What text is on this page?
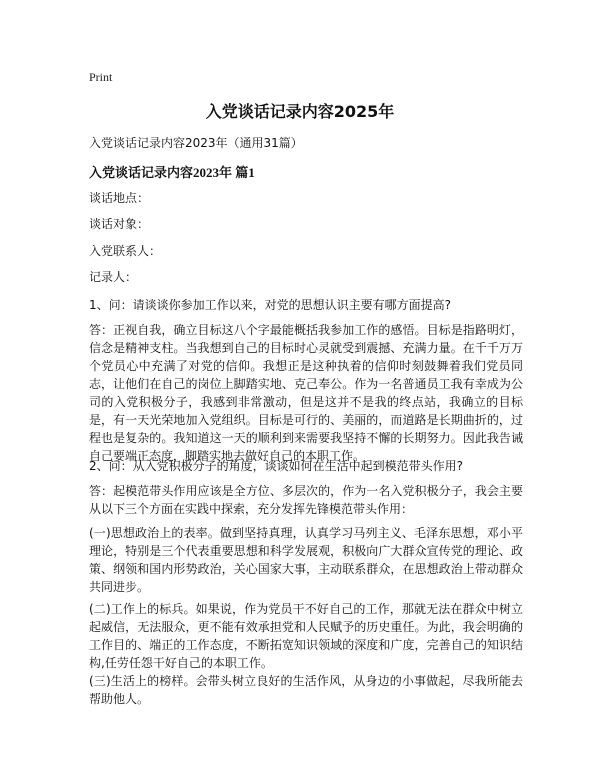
Print
入党谈话记录内容2025年
入党谈话记录内容2023年（通用31篇）
入党谈话记录内容2023年 篇1
谈话地点：
谈话对象：
入党联系人：
记录人：
1、问：请谈谈你参加工作以来，对党的思想认识主要有哪方面提高?

答：正视自我，确立目标这八个字最能概括我参加工作的感悟。目标是指路明灯，信念是精神支柱。当我想到自己的目标时心灵就受到震撼、充满力量。在千千万万个党员心中充满了对党的信仰。我想正是这种执着的信仰时刻鼓舞着我们党员同志，让他们在自己的岗位上脚踏实地、克己奉公。作为一名普通员工我有幸成为公司的入党积极分子，我感到非常激动，但是这并不是我的终点站，我确立的目标是，有一天光荣地加入党组织。目标是可行的、美丽的，而道路是长期曲折的，过程也是复杂的。我知道这一天的顺利到来需要我坚持不懈的长期努力。因此我告诫自己要端正态度，脚踏实地去做好自己的本职工作。

2、问：从入党积极分子的角度，谈谈如何在生活中起到模范带头作用?

答：起模范带头作用应该是全方位、多层次的，作为一名入党积极分子，我会主要从以下三个方面在实践中探索，充分发挥先锋模范带头作用：

(一)思想政治上的表率。做到坚持真理，认真学习马列主义、毛泽东思想，邓小平理论，特别是三个代表重要思想和科学发展观，积极向广大群众宣传党的理论、政策、纲领和国内形势政治，关心国家大事，主动联系群众，在思想政治上带动群众共同进步。

(二)工作上的标兵。如果说，作为党员干不好自己的工作，那就无法在群众中树立起威信，无法服众，更不能有效承担党和人民赋予的历史重任。为此，我会明确的工作目的、端正的工作态度，不断拓宽知识领域的深度和广度，完善自己的知识结构,任劳任怨干好自己的本职工作。

(三)生活上的榜样。会带头树立良好的生活作风，从身边的小事做起，尽我所能去帮助他人。
